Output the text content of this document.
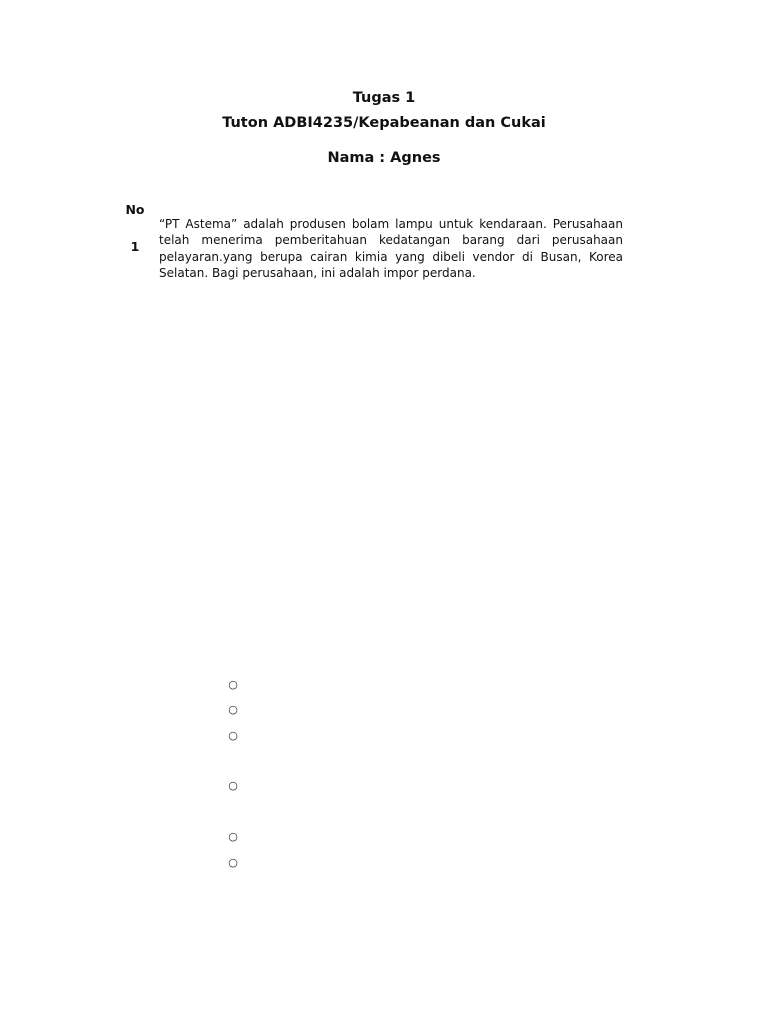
Tugas 1
Tuton ADBI4235/Kepabeanan dan Cukai
Nama : Agnes
No
1

“PT Astema” adalah produsen bolam lampu untuk kendaraan. Perusahaan telah menerima pemberitahuan kedatangan barang dari perusahaan pelayaran.yang berupa cairan kimia yang dibeli vendor di Busan, Korea Selatan. Bagi perusahaan, ini adalah impor perdana.

○
○
○
○
○
○
